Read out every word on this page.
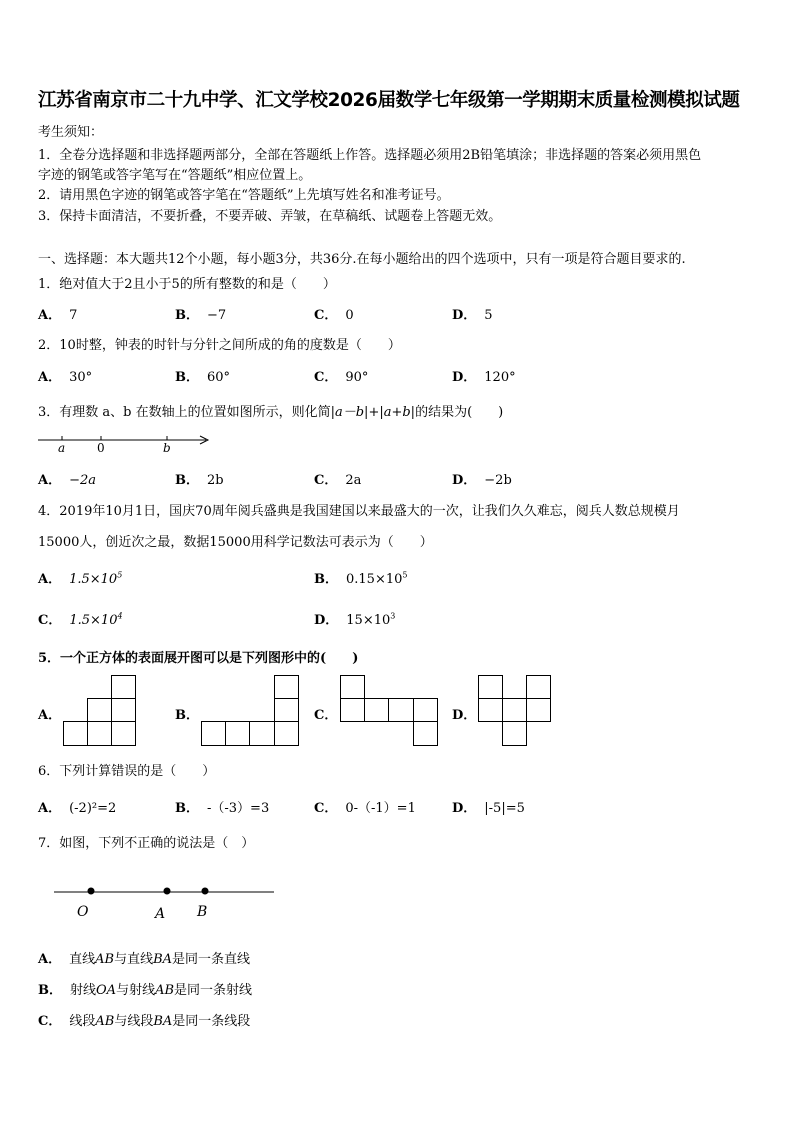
江苏省南京市二十九中学、汇文学校2026届数学七年级第一学期期末质量检测模拟试题
考生须知：
1．全卷分选择题和非选择题两部分，全部在答题纸上作答。选择题必须用2B铅笔填涂；非选择题的答案必须用黑色
字迹的钢笔或答字笔写在“答题纸”相应位置上。
2．请用黑色字迹的钢笔或答字笔在“答题纸”上先填写姓名和准考证号。
3．保持卡面清洁，不要折叠，不要弄破、弄皱，在草稿纸、试题卷上答题无效。
一、选择题：本大题共12个小题，每小题3分，共36分.在每小题给出的四个选项中，只有一项是符合题目要求的.
1．绝对值大于2且小于5的所有整数的和是（　　）
A． 7	B． −7	C． 0	D． 5
2．10时整，钟表的时针与分针之间所成的角的度数是（　　）
A． 30°	B． 60°	C． 90°	D． 120°
3．有理数 a、b 在数轴上的位置如图所示，则化简|a－b|+|a+b|的结果为(　　)
a	0	b
A． −2a	B． 2b	C． 2a	D． −2b
4．2019年10月1日，国庆70周年阅兵盛典是我国建国以来最盛大的一次，让我们久久难忘，阅兵人数总规模月
15000人，创近次之最，数据15000用科学记数法可表示为（　　）
A． $1.5\times 10^5$	B． $0.15\times 10^5$
C． $1.5\times 10^4$	D． $15\times 10^3$
5．一个正方体的表面展开图可以是下列图形中的(　　)
A．	B．	C．	D．
6．下列计算错误的是（　　）
A． (-2)²=2	B． -（-3）=3	C． 0-（-1）=1	D． |-5|=5
7．如图，下列不正确的说法是（　）
O	A B
A． 直线AB与直线BA是同一条直线
B． 射线OA与射线AB是同一条射线
C． 线段AB与线段BA是同一条线段
